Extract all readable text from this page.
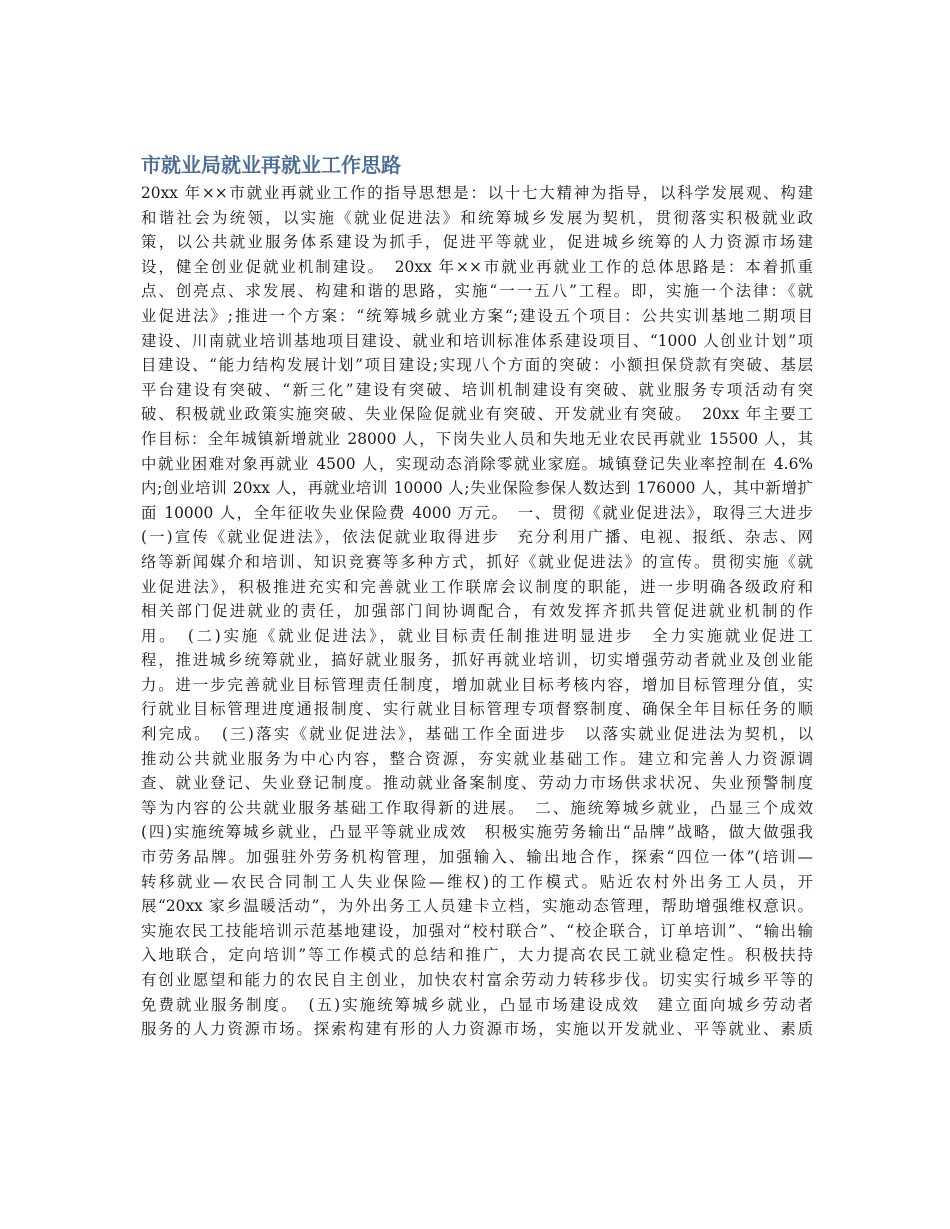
市就业局就业再就业工作思路
20xx 年××市就业再就业工作的指导思想是：以十七大精神为指导，以科学发展观、构建
和谐社会为统领，以实施《就业促进法》和统筹城乡发展为契机，贯彻落实积极就业政
策，以公共就业服务体系建设为抓手，促进平等就业，促进城乡统筹的人力资源市场建
设，健全创业促就业机制建设。　20xx 年××市就业再就业工作的总体思路是：本着抓重
点、创亮点、求发展、构建和谐的思路，实施“一一五八”工程。即，实施一个法律：《就
业促进法》;推进一个方案：“统筹城乡就业方案“;建设五个项目：公共实训基地二期项目
建设、川南就业培训基地项目建设、就业和培训标准体系建设项目、“1000 人创业计划”项
目建设、“能力结构发展计划”项目建设;实现八个方面的突破：小额担保贷款有突破、基层
平台建设有突破、“新三化”建设有突破、培训机制建设有突破、就业服务专项活动有突
破、积极就业政策实施突破、失业保险促就业有突破、开发就业有突破。　20xx 年主要工
作目标：全年城镇新增就业 28000 人，下岗失业人员和失地无业农民再就业 15500 人，其
中就业困难对象再就业 4500 人，实现动态消除零就业家庭。城镇登记失业率控制在 4.6%
内;创业培训 20xx 人，再就业培训 10000 人;失业保险参保人数达到 176000 人，其中新增扩
面 10000 人，全年征收失业保险费 4000 万元。　一、贯彻《就业促进法》，取得三大进步
(一)宣传《就业促进法》，依法促就业取得进步　充分利用广播、电视、报纸、杂志、网
络等新闻媒介和培训、知识竞赛等多种方式，抓好《就业促进法》的宣传。贯彻实施《就
业促进法》，积极推进充实和完善就业工作联席会议制度的职能，进一步明确各级政府和
相关部门促进就业的责任，加强部门间协调配合，有效发挥齐抓共管促进就业机制的作
用。　(二)实施《就业促进法》，就业目标责任制推进明显进步　全力实施就业促进工
程，推进城乡统筹就业，搞好就业服务，抓好再就业培训，切实增强劳动者就业及创业能
力。进一步完善就业目标管理责任制度，增加就业目标考核内容，增加目标管理分值，实
行就业目标管理进度通报制度、实行就业目标管理专项督察制度、确保全年目标任务的顺
利完成。　(三)落实《就业促进法》，基础工作全面进步　以落实就业促进法为契机，以
推动公共就业服务为中心内容，整合资源，夯实就业基础工作。建立和完善人力资源调
查、就业登记、失业登记制度。推动就业备案制度、劳动力市场供求状况、失业预警制度
等为内容的公共就业服务基础工作取得新的进展。　二、施统筹城乡就业，凸显三个成效
(四)实施统筹城乡就业，凸显平等就业成效　积极实施劳务输出“品牌”战略，做大做强我
市劳务品牌。加强驻外劳务机构管理，加强输入、输出地合作，探索“四位一体”(培训—
转移就业—农民合同制工人失业保险—维权)的工作模式。贴近农村外出务工人员，开
展“20xx 家乡温暖活动”，为外出务工人员建卡立档，实施动态管理，帮助增强维权意识。
实施农民工技能培训示范基地建设，加强对“校村联合”、“校企联合，订单培训”、“输出输
入地联合，定向培训”等工作模式的总结和推广，大力提高农民工就业稳定性。积极扶持
有创业愿望和能力的农民自主创业，加快农村富余劳动力转移步伐。切实实行城乡平等的
免费就业服务制度。　(五)实施统筹城乡就业，凸显市场建设成效　建立面向城乡劳动者
服务的人力资源市场。探索构建有形的人力资源市场，实施以开发就业、平等就业、素质
